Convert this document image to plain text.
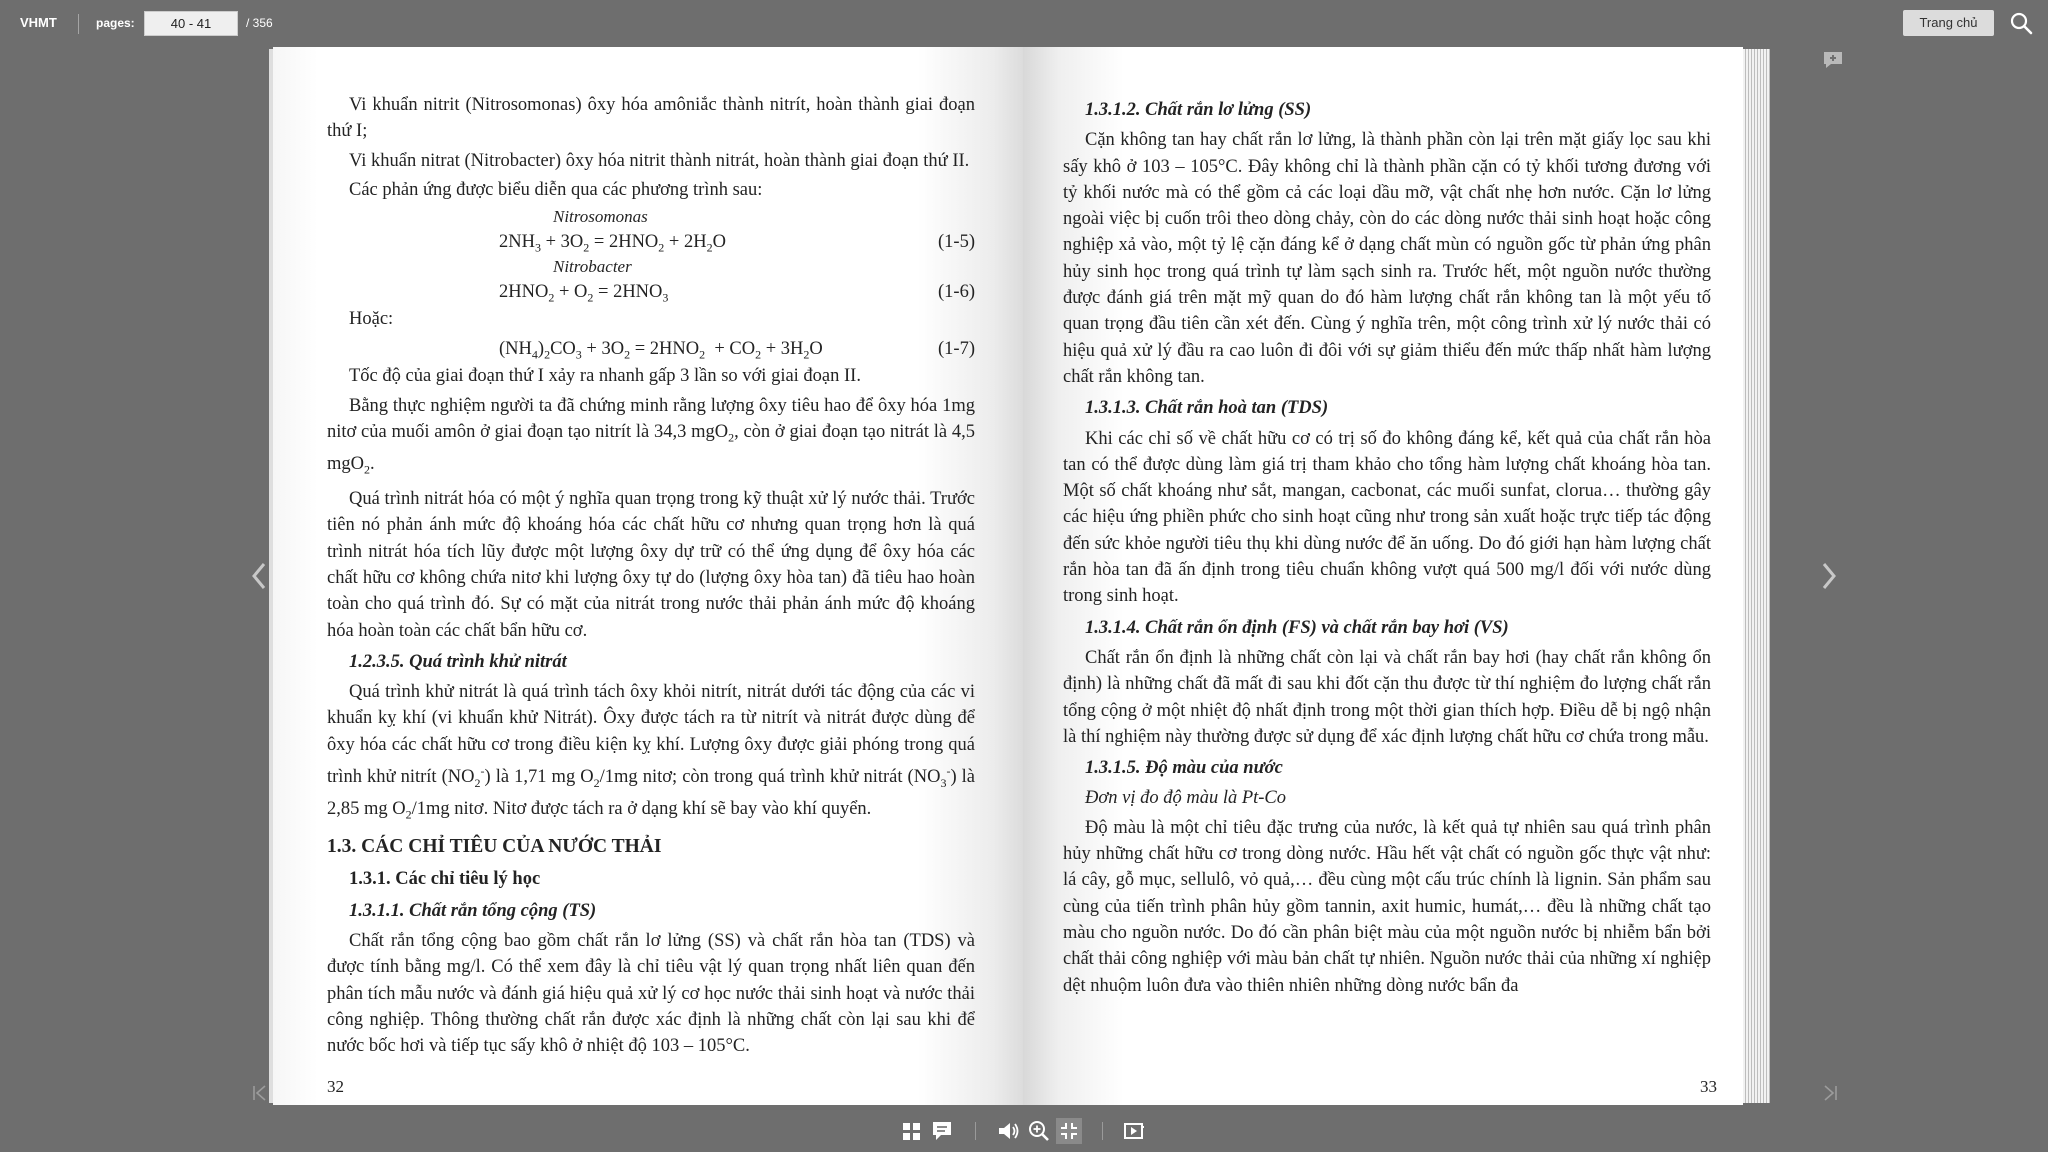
VHMT	pages:	40 - 41	/ 356	Trang chủ

Vi khuẩn nitrit (Nitrosomonas) ôxy hóa amôniắc thành nitrít, hoàn thành giai đoạn thứ I;

Vi khuẩn nitrat (Nitrobacter) ôxy hóa nitrit thành nitrát, hoàn thành giai đoạn thứ II.

Các phản ứng được biểu diễn qua các phương trình sau:

Nitrosomonas
$2NH_3 + 3O_2 = 2HNO_2 + 2H_2O$	(1-5)
Nitrobacter
$2HNO_2 + O_2 = 2HNO_3$	(1-6)

Hoặc:

$(NH_4)_2CO_3 + 3O_2 = 2HNO_2 + CO_2 + 3H_2O$	(1-7)

Tốc độ của giai đoạn thứ I xảy ra nhanh gấp 3 lần so với giai đoạn II.

Bằng thực nghiệm người ta đã chứng minh rằng lượng ôxy tiêu hao để ôxy hóa 1mg nitơ của muối amôn ở giai đoạn tạo nitrít là 34,3 mgO$_2$, còn ở giai đoạn tạo nitrát là 4,5 mgO$_2$.

Quá trình nitrát hóa có một ý nghĩa quan trọng trong kỹ thuật xử lý nước thải. Trước tiên nó phản ánh mức độ khoáng hóa các chất hữu cơ nhưng quan trọng hơn là quá trình nitrát hóa tích lũy được một lượng ôxy dự trữ có thể ứng dụng để ôxy hóa các chất hữu cơ không chứa nitơ khi lượng ôxy tự do (lượng ôxy hòa tan) đã tiêu hao hoàn toàn cho quá trình đó. Sự có mặt của nitrát trong nước thải phản ánh mức độ khoáng hóa hoàn toàn các chất bẩn hữu cơ.

1.2.3.5. Quá trình khử nitrát

Quá trình khử nitrát là quá trình tách ôxy khỏi nitrít, nitrát dưới tác động của các vi khuẩn kỵ khí (vi khuẩn khử Nitrát). Ôxy được tách ra từ nitrít và nitrát được dùng để ôxy hóa các chất hữu cơ trong điều kiện kỵ khí. Lượng ôxy được giải phóng trong quá trình khử nitrít $(NO_2^-)$ là 1,71 mg $O_2/1mg$ nitơ; còn trong quá trình khử nitrát $(NO_3^-)$ là 2,85 mg $O_2/1mg$ nitơ. Nitơ được tách ra ở dạng khí sẽ bay vào khí quyển.

1.3. CÁC CHỈ TIÊU CỦA NƯỚC THẢI
1.3.1. Các chỉ tiêu lý học
1.3.1.1. Chất rắn tổng cộng (TS)

Chất rắn tổng cộng bao gồm chất rắn lơ lửng (SS) và chất rắn hòa tan (TDS) và được tính bằng mg/l. Có thể xem đây là chỉ tiêu vật lý quan trọng nhất liên quan đến phân tích mẫu nước và đánh giá hiệu quả xử lý cơ học nước thải sinh hoạt và nước thải công nghiệp. Thông thường chất rắn được xác định là những chất còn lại sau khi để nước bốc hơi và tiếp tục sấy khô ở nhiệt độ 103 – 105°C.

32
1.3.1.2. Chất rắn lơ lửng (SS)

Cặn không tan hay chất rắn lơ lửng, là thành phần còn lại trên mặt giấy lọc sau khi sấy khô ở 103 – 105°C. Đây không chỉ là thành phần cặn có tỷ khối tương đương với tỷ khối nước mà có thể gồm cả các loại dầu mỡ, vật chất nhẹ hơn nước. Cặn lơ lửng ngoài việc bị cuốn trôi theo dòng chảy, còn do các dòng nước thải sinh hoạt hoặc công nghiệp xả vào, một tỷ lệ cặn đáng kể ở dạng chất mùn có nguồn gốc từ phản ứng phân hủy sinh học trong quá trình tự làm sạch sinh ra. Trước hết, một nguồn nước thường được đánh giá trên mặt mỹ quan do đó hàm lượng chất rắn không tan là một yếu tố quan trọng đầu tiên cần xét đến. Cùng ý nghĩa trên, một công trình xử lý nước thải có hiệu quả xử lý đầu ra cao luôn đi đôi với sự giảm thiểu đến mức thấp nhất hàm lượng chất rắn không tan.

1.3.1.3. Chất rắn hoà tan (TDS)

Khi các chỉ số về chất hữu cơ có trị số đo không đáng kể, kết quả của chất rắn hòa tan có thể được dùng làm giá trị tham khảo cho tổng hàm lượng chất khoáng hòa tan. Một số chất khoáng như sắt, mangan, cacbonat, các muối sunfat, clorua… thường gây các hiệu ứng phiền phức cho sinh hoạt cũng như trong sản xuất hoặc trực tiếp tác động đến sức khỏe người tiêu thụ khi dùng nước để ăn uống. Do đó giới hạn hàm lượng chất rắn hòa tan đã ấn định trong tiêu chuẩn không vượt quá 500 mg/l đối với nước dùng trong sinh hoạt.

1.3.1.4. Chất rắn ổn định (FS) và chất rắn bay hơi (VS)

Chất rắn ổn định là những chất còn lại và chất rắn bay hơi (hay chất rắn không ổn định) là những chất đã mất đi sau khi đốt cặn thu được từ thí nghiệm đo lượng chất rắn tổng cộng ở một nhiệt độ nhất định trong một thời gian thích hợp. Điều dễ bị ngộ nhận là thí nghiệm này thường được sử dụng để xác định lượng chất hữu cơ chứa trong mẫu.

1.3.1.5. Độ màu của nước
Đơn vị đo độ màu là Pt-Co

Độ màu là một chỉ tiêu đặc trưng của nước, là kết quả tự nhiên sau quá trình phân hủy những chất hữu cơ trong dòng nước. Hầu hết vật chất có nguồn gốc thực vật như: lá cây, gỗ mục, sellulô, vỏ quả,… đều cùng một cấu trúc chính là lignin. Sản phẩm sau cùng của tiến trình phân hủy gồm tannin, axit humic, humát,… đều là những chất tạo màu cho nguồn nước. Do đó cần phân biệt màu của một nguồn nước bị nhiễm bẩn bởi chất thải công nghiệp với màu bản chất tự nhiên. Nguồn nước thải của những xí nghiệp dệt nhuộm luôn đưa vào thiên nhiên những dòng nước bẩn đa

33
